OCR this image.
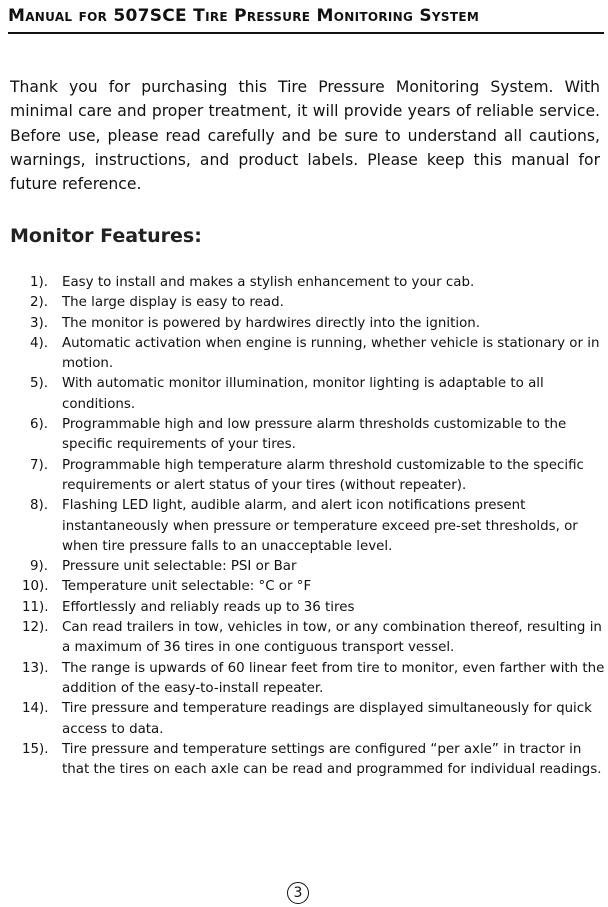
Manual for 507SCE Tire Pressure Monitoring System

Thank you for purchasing this Tire Pressure Monitoring System. With minimal care and proper treatment, it will provide years of reliable service. Before use, please read carefully and be sure to understand all cautions, warnings, instructions, and product labels. Please keep this manual for future reference.

Monitor Features:
1). Easy to install and makes a stylish enhancement to your cab.
2). The large display is easy to read.
3). The monitor is powered by hardwires directly into the ignition.
4). Automatic activation when engine is running, whether vehicle is stationary or in motion.
5). With automatic monitor illumination, monitor lighting is adaptable to all conditions.
6). Programmable high and low pressure alarm thresholds customizable to the specific requirements of your tires.
7). Programmable high temperature alarm threshold customizable to the specific requirements or alert status of your tires (without repeater).
8). Flashing LED light, audible alarm, and alert icon notifications present instantaneously when pressure or temperature exceed pre-set thresholds, or when tire pressure falls to an unacceptable level.
9). Pressure unit selectable: PSI or Bar
10). Temperature unit selectable: °C or °F
11). Effortlessly and reliably reads up to 36 tires
12). Can read trailers in tow, vehicles in tow, or any combination thereof, resulting in a maximum of 36 tires in one contiguous transport vessel.
13). The range is upwards of 60 linear feet from tire to monitor, even farther with the addition of the easy-to-install repeater.
14). Tire pressure and temperature readings are displayed simultaneously for quick access to data.
15). Tire pressure and temperature settings are configured “per axle” in tractor in that the tires on each axle can be read and programmed for individual readings.
3
